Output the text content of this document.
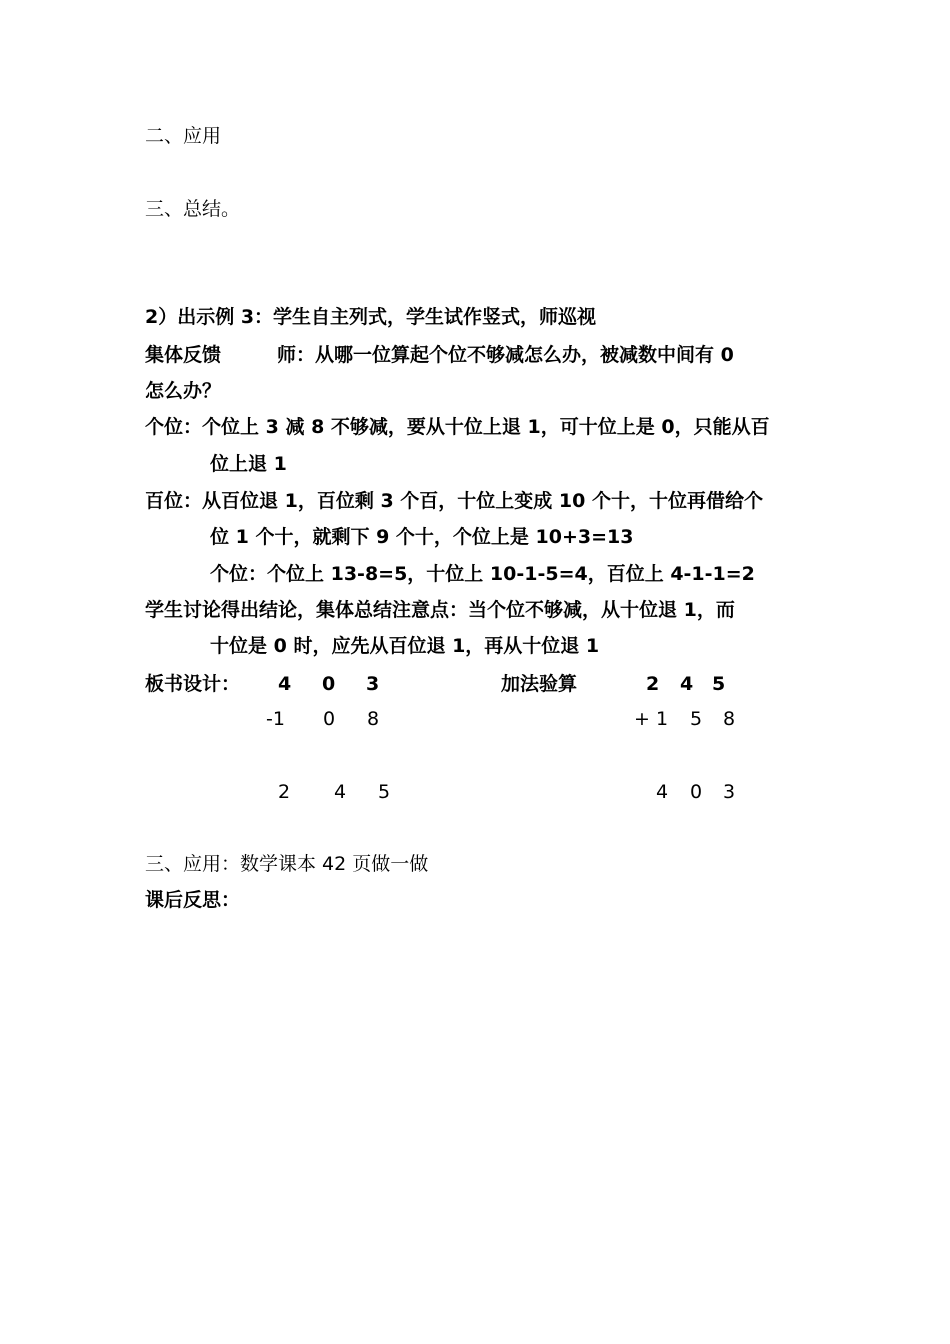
二、应用
三、总结。
2）出示例 3：学生自主列式，学生试作竖式，师巡视
集体反馈	师：从哪一位算起个位不够减怎么办，被减数中间有 0
怎么办？
个位：个位上 3 减 8 不够减，要从十位上退 1，可十位上是 0，只能从百
位上退 1
百位：从百位退 1，百位剩 3 个百，十位上变成 10 个十，十位再借给个
位 1 个十，就剩下 9 个十，个位上是 10+3=13
个位：个位上 13-8=5，十位上 10-1-5=4，百位上 4-1-1=2
学生讨论得出结论，集体总结注意点：当个位不够减，从十位退 1，而
十位是 0 时，应先从百位退 1，再从十位退 1
板书设计： 4 0 3
-1 0 8
2 4 5
加法验算	2 4 5
+ 1 5 8
4 0 3
三、应用：数学课本 42 页做一做
课后反思：
